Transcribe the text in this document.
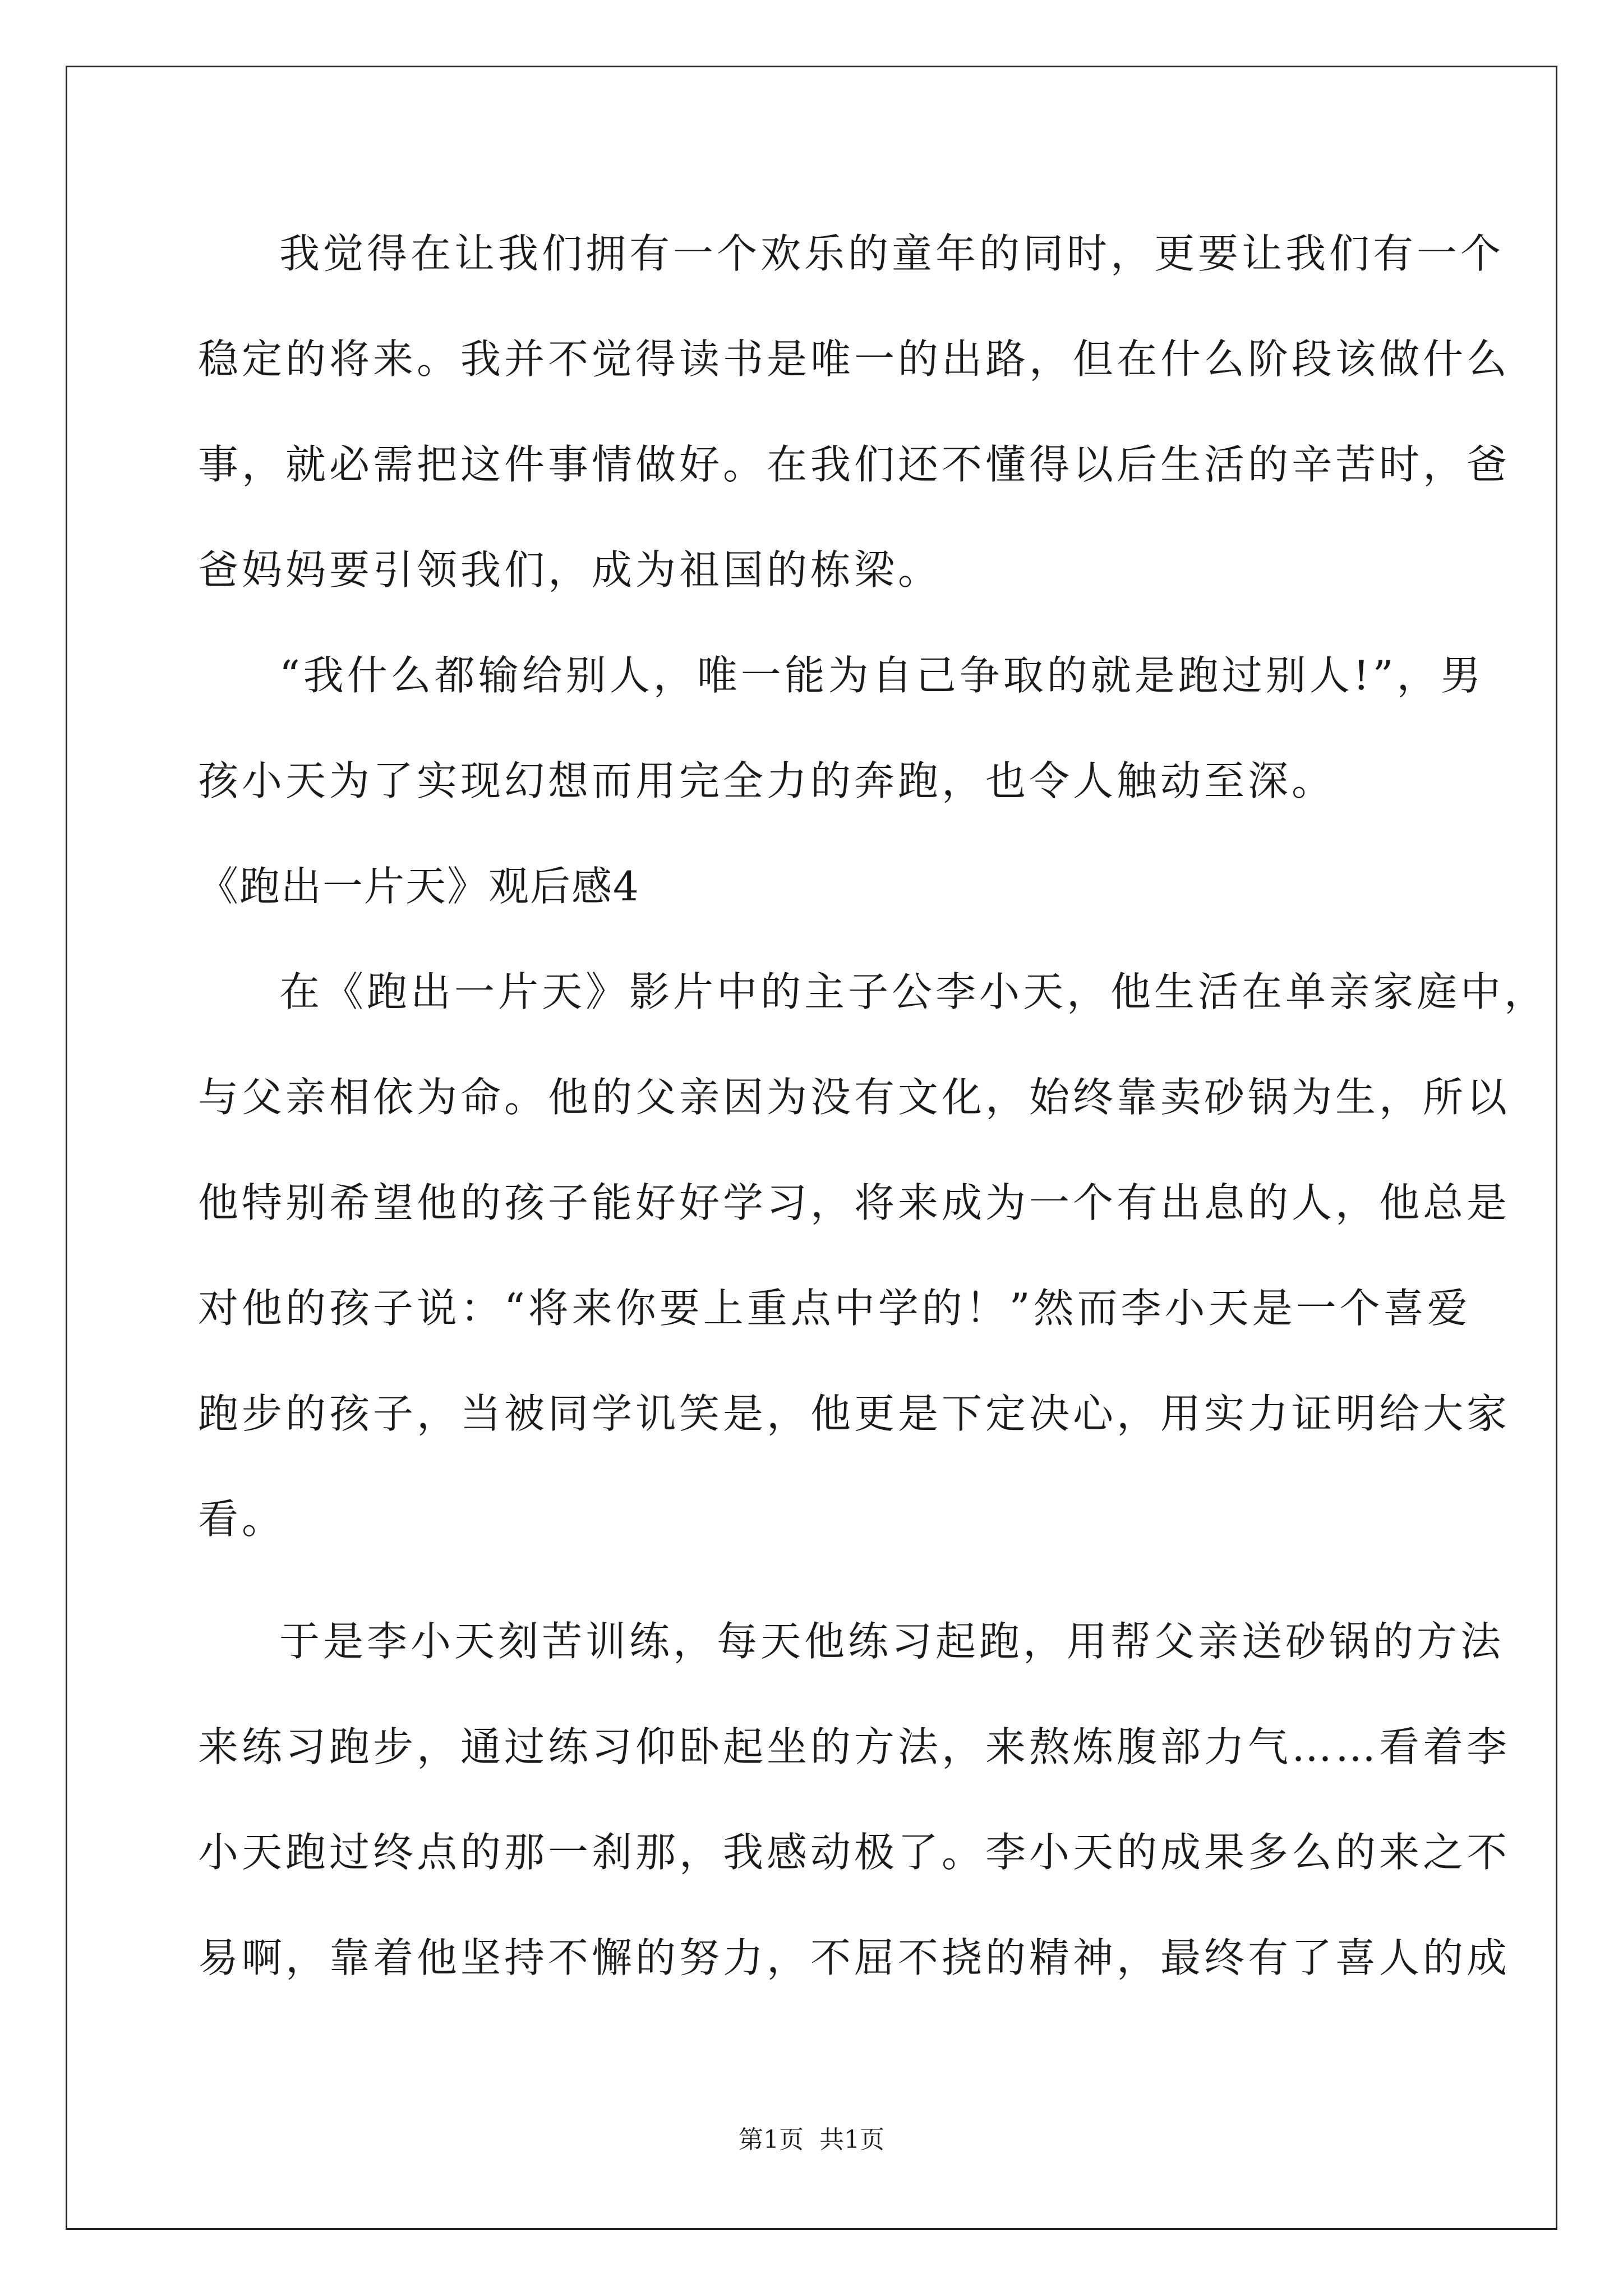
我觉得在让我们拥有一个欢乐的童年的同时，更要让我们有一个
稳定的将来。我并不觉得读书是唯一的出路，但在什么阶段该做什么
事，就必需把这件事情做好。在我们还不懂得以后生活的辛苦时，爸
爸妈妈要引领我们，成为祖国的栋梁。
“我什么都输给别人，唯一能为自己争取的就是跑过别人!”，男
孩小天为了实现幻想而用完全力的奔跑，也令人触动至深。
《跑出一片天》观后感4
在《跑出一片天》影片中的主子公李小天，他生活在单亲家庭中，
与父亲相依为命。他的父亲因为没有文化，始终靠卖砂锅为生，所以
他特别希望他的孩子能好好学习，将来成为一个有出息的人，他总是
对他的孩子说：“将来你要上重点中学的！”然而李小天是一个喜爱
跑步的孩子，当被同学讥笑是，他更是下定决心，用实力证明给大家
看。
于是李小天刻苦训练，每天他练习起跑，用帮父亲送砂锅的方法
来练习跑步，通过练习仰卧起坐的方法，来熬炼腹部力气……看着李
小天跑过终点的那一刹那，我感动极了。李小天的成果多么的来之不
易啊，靠着他坚持不懈的努力，不屈不挠的精神，最终有了喜人的成
第1页  共1页
